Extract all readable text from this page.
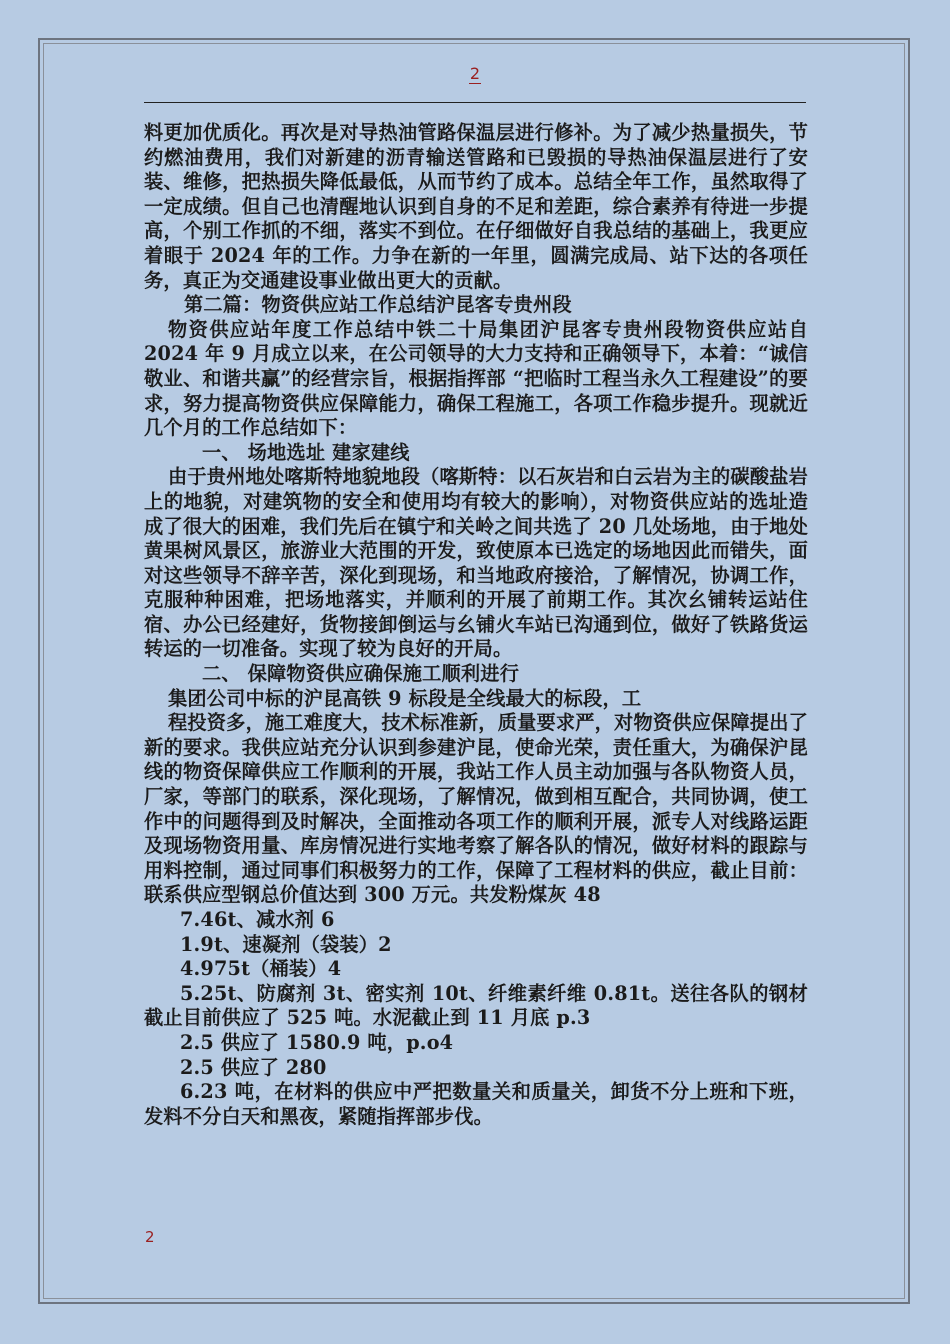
2

料更加优质化。再次是对导热油管路保温层进行修补。为了减少热量损失，节约燃油费用，我们对新建的沥青输送管路和已毁损的导热油保温层进行了安装、维修，把热损失降低最低，从而节约了成本。总结全年工作，虽然取得了一定成绩。但自己也清醒地认识到自身的不足和差距，综合素养有待进一步提高，个别工作抓的不细，落实不到位。在仔细做好自我总结的基础上，我更应着眼于 2024 年的工作。力争在新的一年里，圆满完成局、站下达的各项任务，真正为交通建设事业做出更大的贡献。

第二篇：物资供应站工作总结沪昆客专贵州段

物资供应站年度工作总结中铁二十局集团沪昆客专贵州段物资供应站自 2024 年 9 月成立以来，在公司领导的大力支持和正确领导下，本着：“诚信敬业、和谐共赢”的经营宗旨，根据指挥部 “把临时工程当永久工程建设”的要求，努力提高物资供应保障能力，确保工程施工，各项工作稳步提升。现就近几个月的工作总结如下：

一、 场地选址 建家建线

由于贵州地处喀斯特地貌地段（喀斯特：以石灰岩和白云岩为主的碳酸盐岩上的地貌，对建筑物的安全和使用均有较大的影响），对物资供应站的选址造成了很大的困难，我们先后在镇宁和关岭之间共选了 20 几处场地，由于地处黄果树风景区，旅游业大范围的开发，致使原本已选定的场地因此而错失，面对这些领导不辞辛苦，深化到现场，和当地政府接洽，了解情况，协调工作，克服种种困难，把场地落实，并顺利的开展了前期工作。其次幺铺转运站住宿、办公已经建好，货物接卸倒运与幺铺火车站已沟通到位，做好了铁路货运转运的一切准备。实现了较为良好的开局。

二、 保障物资供应确保施工顺利进行

集团公司中标的沪昆高铁 9 标段是全线最大的标段，工

程投资多，施工难度大，技术标准新，质量要求严，对物资供应保障提出了新的要求。我供应站充分认识到参建沪昆，使命光荣，责任重大，为确保沪昆线的物资保障供应工作顺利的开展，我站工作人员主动加强与各队物资人员，厂家，等部门的联系，深化现场，了解情况，做到相互配合，共同协调，使工作中的问题得到及时解决，全面推动各项工作的顺利开展，派专人对线路运距及现场物资用量、库房情况进行实地考察了解各队的情况，做好材料的跟踪与用料控制，通过同事们积极努力的工作，保障了工程材料的供应，截止目前：联系供应型钢总价值达到 300 万元。共发粉煤灰 48

7.46t、减水剂 6

1.9t、速凝剂（袋装）2

4.975t（桶装）4

5.25t、防腐剂 3t、密实剂 10t、纤维素纤维 0.81t。送往各队的钢材截止目前供应了 525 吨。水泥截止到 11 月底 p.3

2.5 供应了 1580.9 吨，p.o4

2.5 供应了 280

6.23 吨，在材料的供应中严把数量关和质量关，卸货不分上班和下班，发料不分白天和黑夜，紧随指挥部步伐。

2
